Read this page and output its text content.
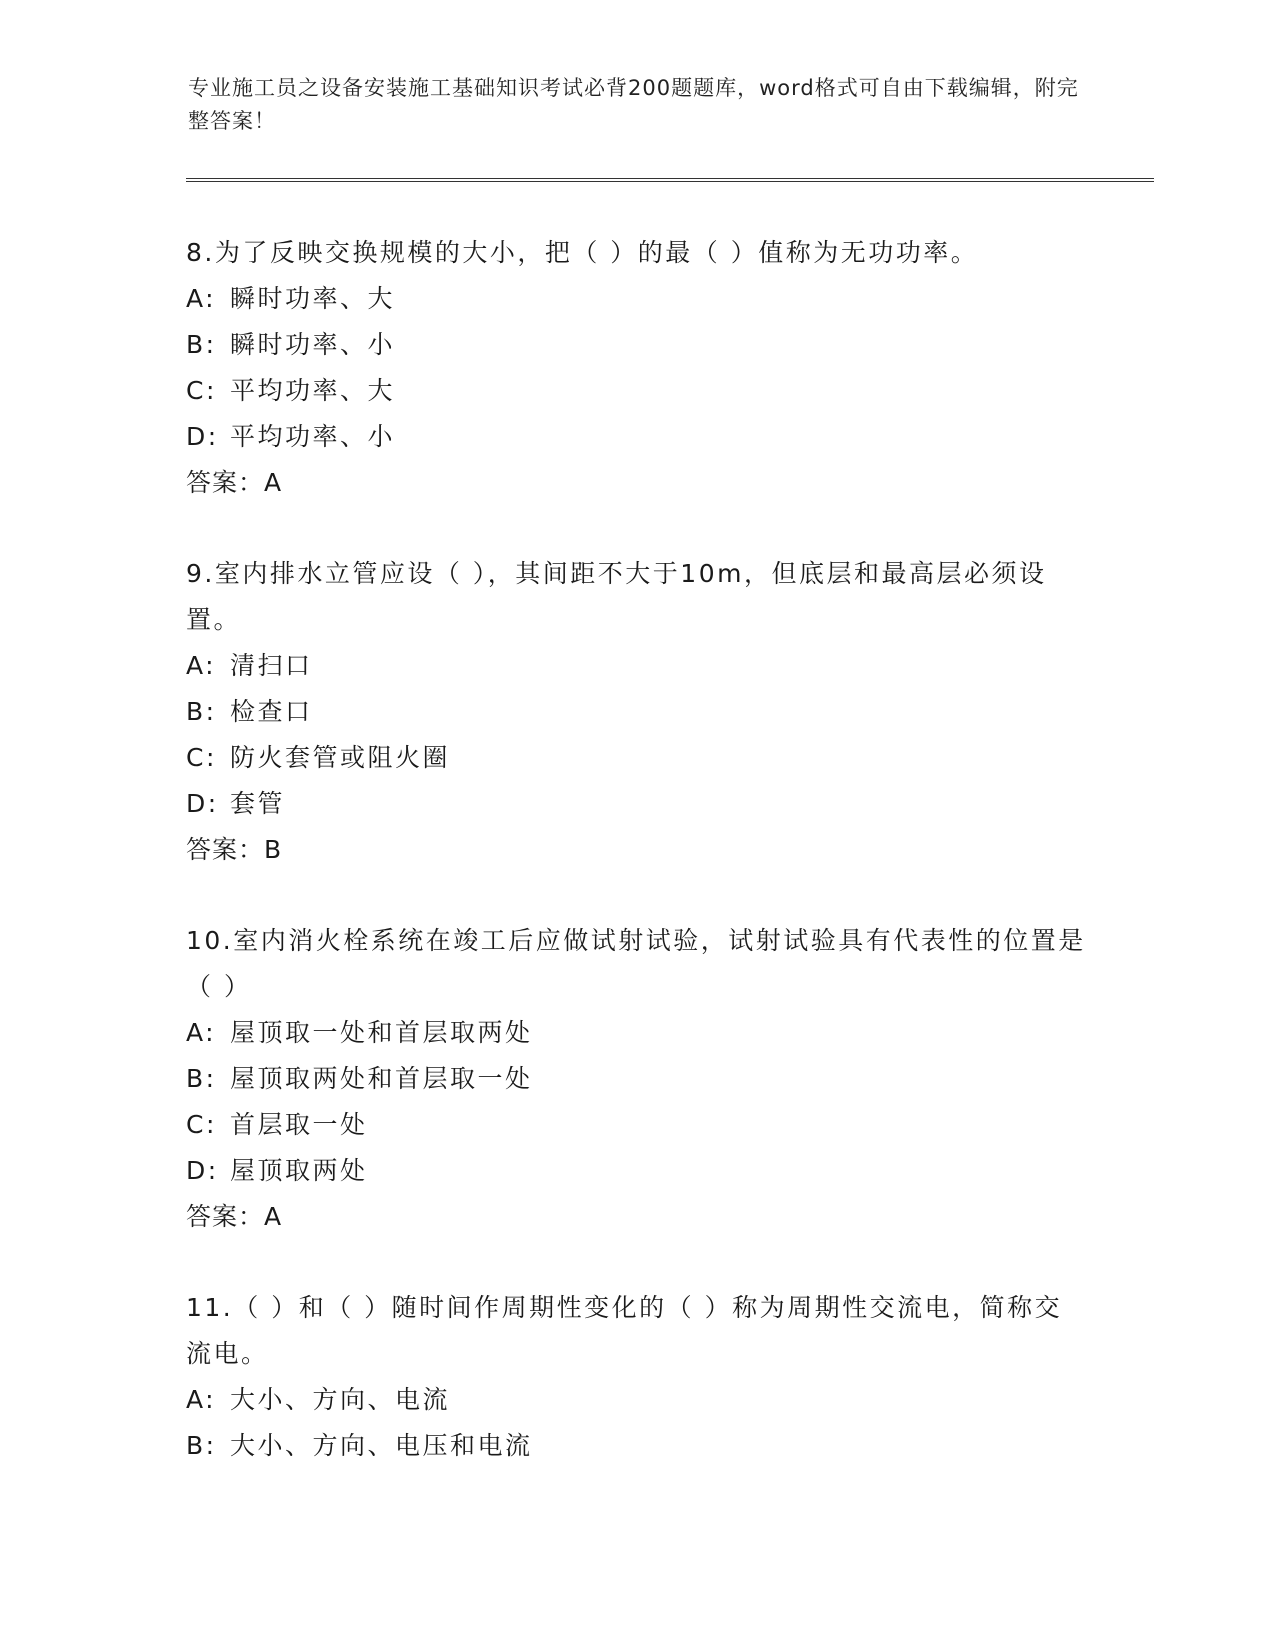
专业施工员之设备安装施工基础知识考试必背200题题库，word格式可自由下载编辑，附完整答案！

8.为了反映交换规模的大小，把（ ）的最（ ）值称为无功功率。

A: 瞬时功率、大
B: 瞬时功率、小
C: 平均功率、大
D: 平均功率、小
答案：A

9.室内排水立管应设（ ），其间距不大于10m，但底层和最高层必须设置。

A: 清扫口
B: 检查口
C: 防火套管或阻火圈
D: 套管
答案：B

10.室内消火栓系统在竣工后应做试射试验，试射试验具有代表性的位置是（ ）

A: 屋顶取一处和首层取两处
B: 屋顶取两处和首层取一处
C: 首层取一处
D: 屋顶取两处
答案：A

11.（ ）和（ ）随时间作周期性变化的（ ）称为周期性交流电，简称交流电。

A: 大小、方向、电流
B: 大小、方向、电压和电流
